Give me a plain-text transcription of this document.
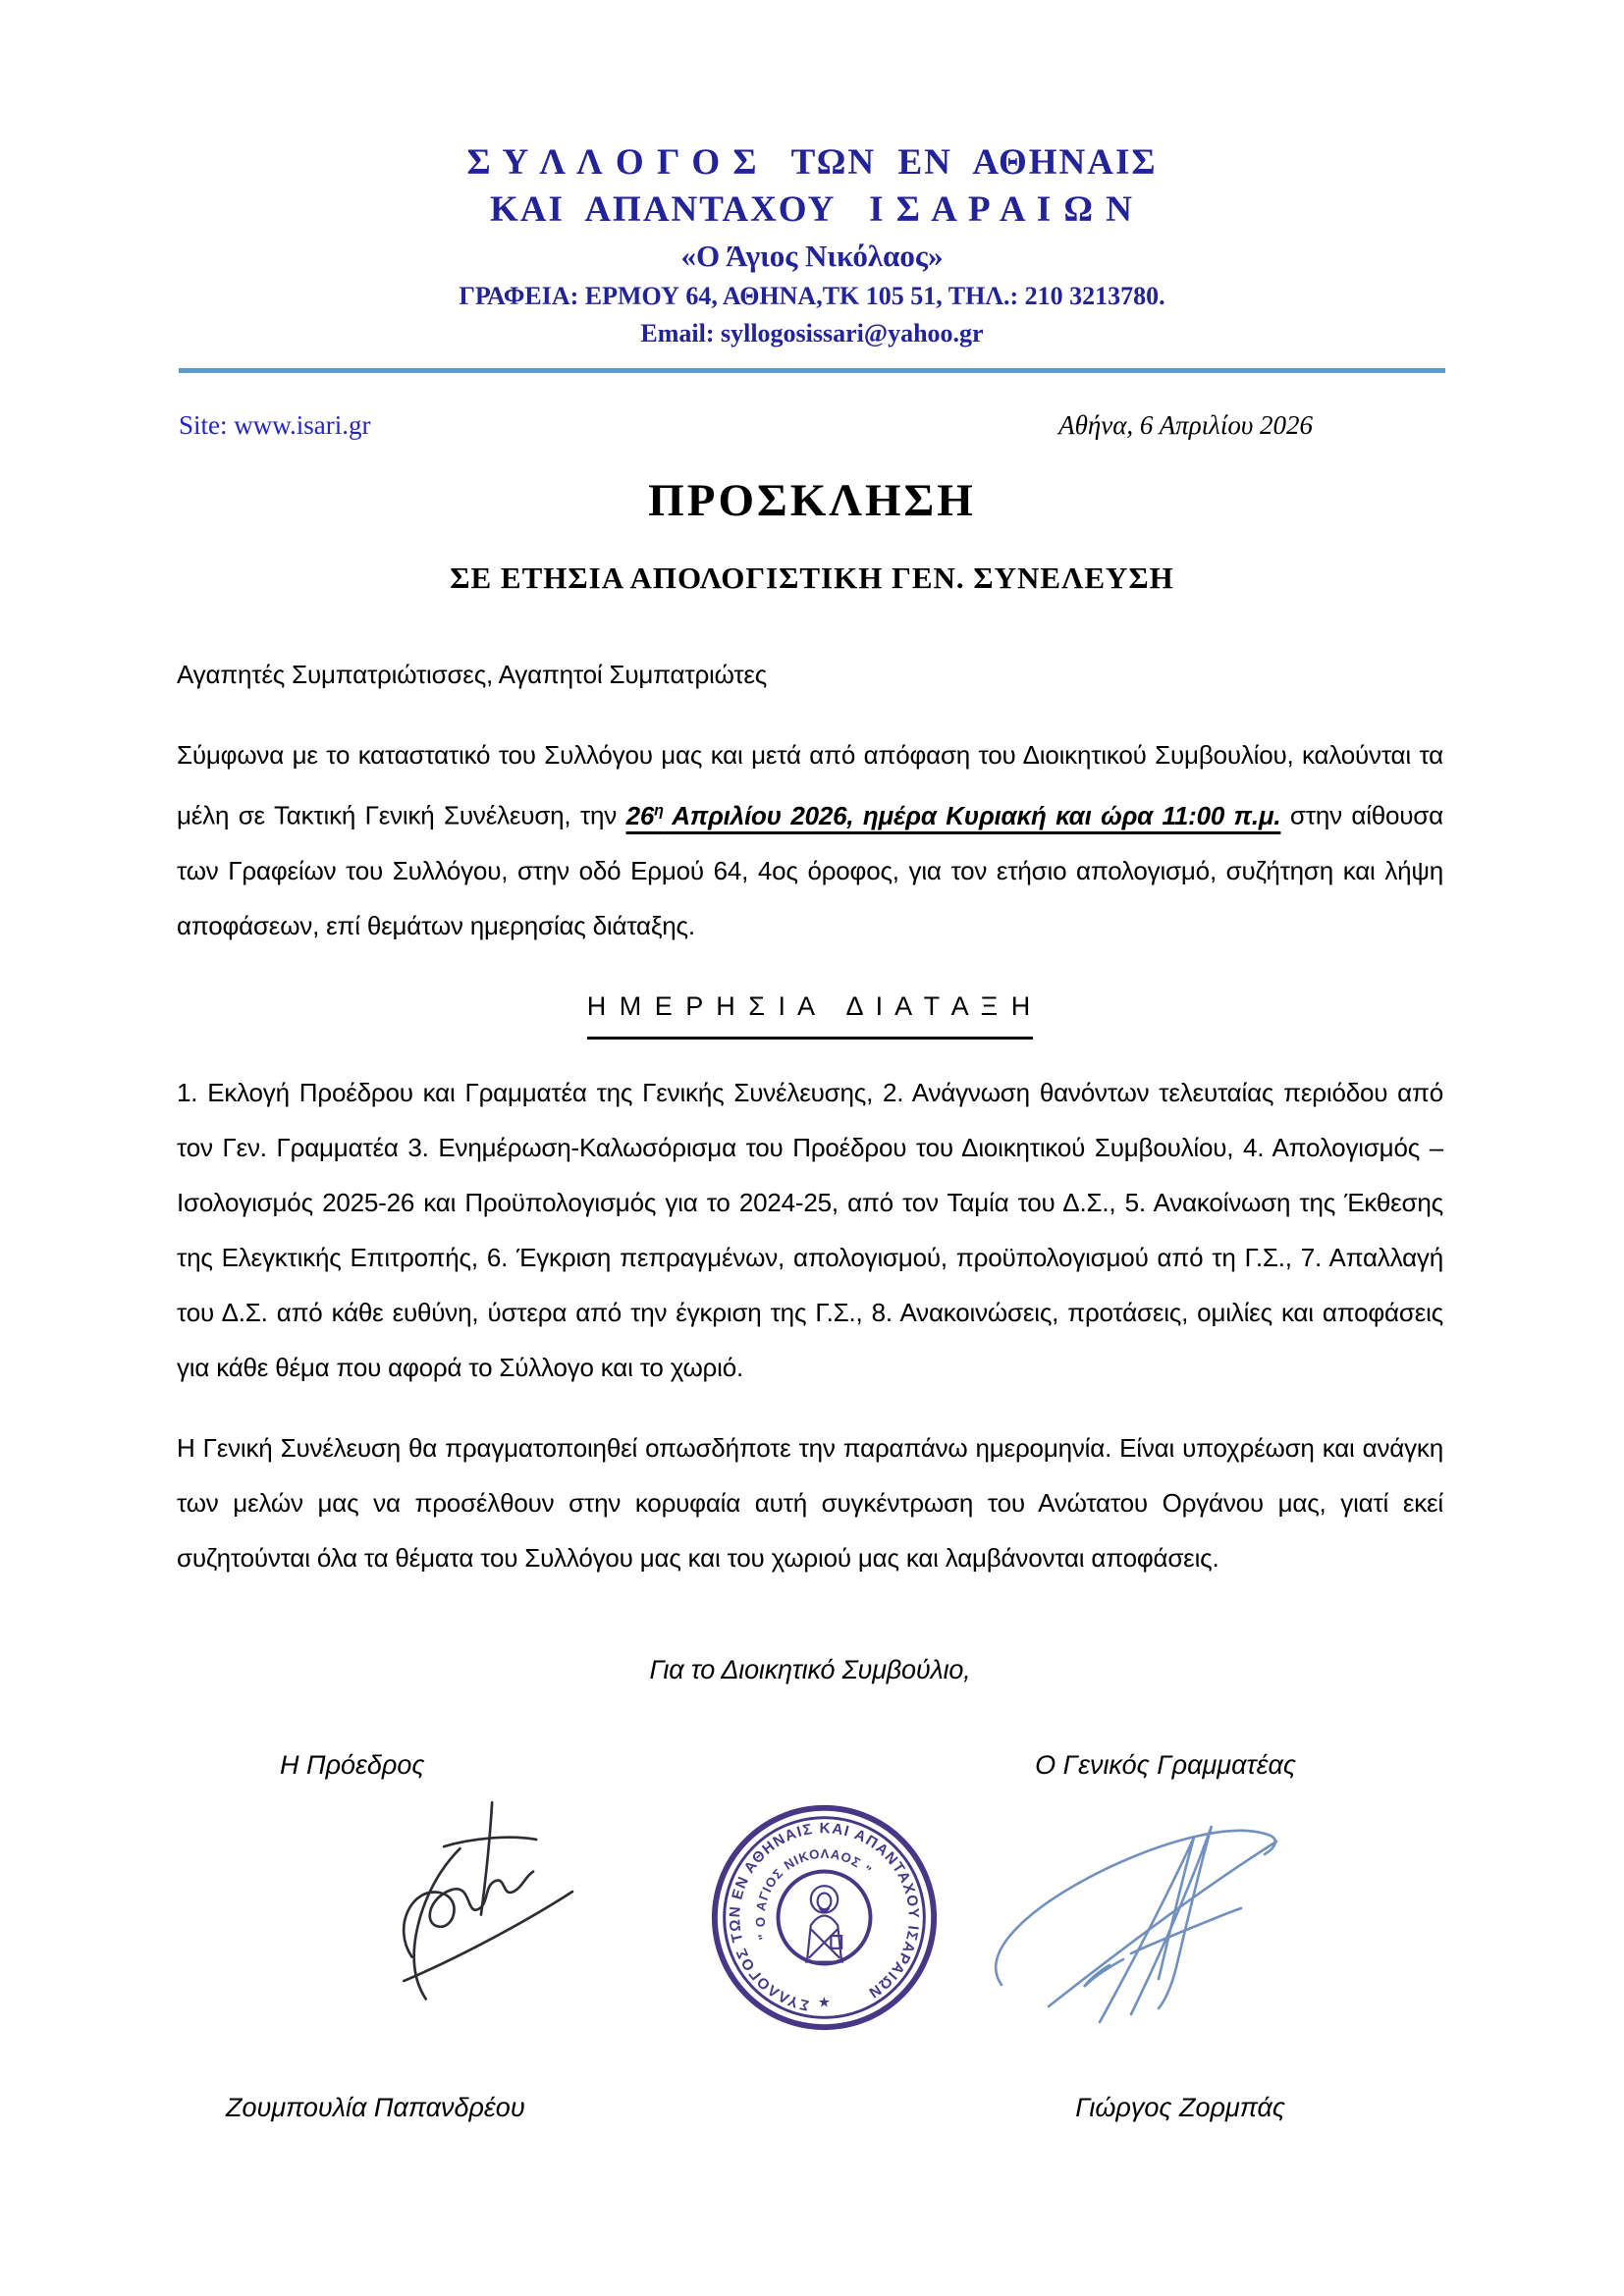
Σ Υ Λ Λ Ο Γ Ο Σ   ΤΩΝ  ΕΝ  ΑΘΗΝΑΙΣ
ΚΑΙ  ΑΠΑΝΤΑΧΟΥ   Ι Σ Α Ρ Α Ι Ω Ν
«Ο Άγιος Νικόλαος»
ΓΡΑΦΕΙΑ: ΕΡΜΟΥ 64, ΑΘΗΝΑ,ΤΚ 105 51, ΤΗΛ.: 210 3213780.
Email: syllogosissari@yahoo.gr
Site: www.isari.gr	Αθήνα, 6 Απριλίου 2026
ΠΡΟΣΚΛΗΣΗ
ΣΕ ΕΤΗΣΙΑ ΑΠΟΛΟΓΙΣΤΙΚΗ ΓΕΝ. ΣΥΝΕΛΕΥΣΗ

Αγαπητές Συμπατριώτισσες, Αγαπητοί Συμπατριώτες

Σύμφωνα με το καταστατικό του Συλλόγου μας και μετά από απόφαση του Διοικητικού Συμβουλίου, καλούνται τα μέλη σε Τακτική Γενική Συνέλευση, την $26^\eta$ Απριλίου 2026, ημέρα Κυριακή και ώρα 11:00 π.μ. στην αίθουσα των Γραφείων του Συλλόγου, στην οδό Ερμού 64, 4ος όροφος, για τον ετήσιο απολογισμό, συζήτηση και λήψη αποφάσεων, επί θεμάτων ημερησίας διάταξης.

Η Μ Ε Ρ Η Σ Ι Α   Δ Ι Α Τ Α Ξ Η

1. Εκλογή Προέδρου και Γραμματέα της Γενικής Συνέλευσης, 2. Ανάγνωση θανόντων τελευταίας περιόδου από τον Γεν. Γραμματέα 3. Ενημέρωση-Καλωσόρισμα του Προέδρου του Διοικητικού Συμβουλίου, 4. Απολογισμός – Ισολογισμός 2025-26 και Προϋπολογισμός για το 2024-25, από τον Ταμία του Δ.Σ., 5. Ανακοίνωση της Έκθεσης της Ελεγκτικής Επιτροπής, 6. Έγκριση πεπραγμένων, απολογισμού, προϋπολογισμού από τη Γ.Σ., 7. Απαλλαγή του Δ.Σ. από κάθε ευθύνη, ύστερα από την έγκριση της Γ.Σ., 8. Ανακοινώσεις, προτάσεις, ομιλίες και αποφάσεις για κάθε θέμα που αφορά το Σύλλογο και το χωριό.

Η Γενική Συνέλευση θα πραγματοποιηθεί οπωσδήποτε την παραπάνω ημερομηνία. Είναι υποχρέωση και ανάγκη των μελών μας να προσέλθουν στην κορυφαία αυτή συγκέντρωση του Ανώτατου Οργάνου μας, γιατί εκεί συζητούνται όλα τα θέματα του Συλλόγου μας και του χωριού μας και λαμβάνονται αποφάσεις.

Για το Διοικητικό Συμβούλιο,
Η Πρόεδρος	Ο Γενικός Γραμματέας
ΣΥΛΛΟΓΟΣ ΤΩΝ ΕΝ ΑΘΗΝΑΙΣ ΚΑΙ ΑΠΑΝΤΑΧΟΥ ΙΣΑΡΑΙΩΝ
" Ο ΑΓΙΟΣ ΝΙΚΟΛΑΟΣ "
★
Ζουμπουλία Παπανδρέου	Γιώργος Ζορμπάς
